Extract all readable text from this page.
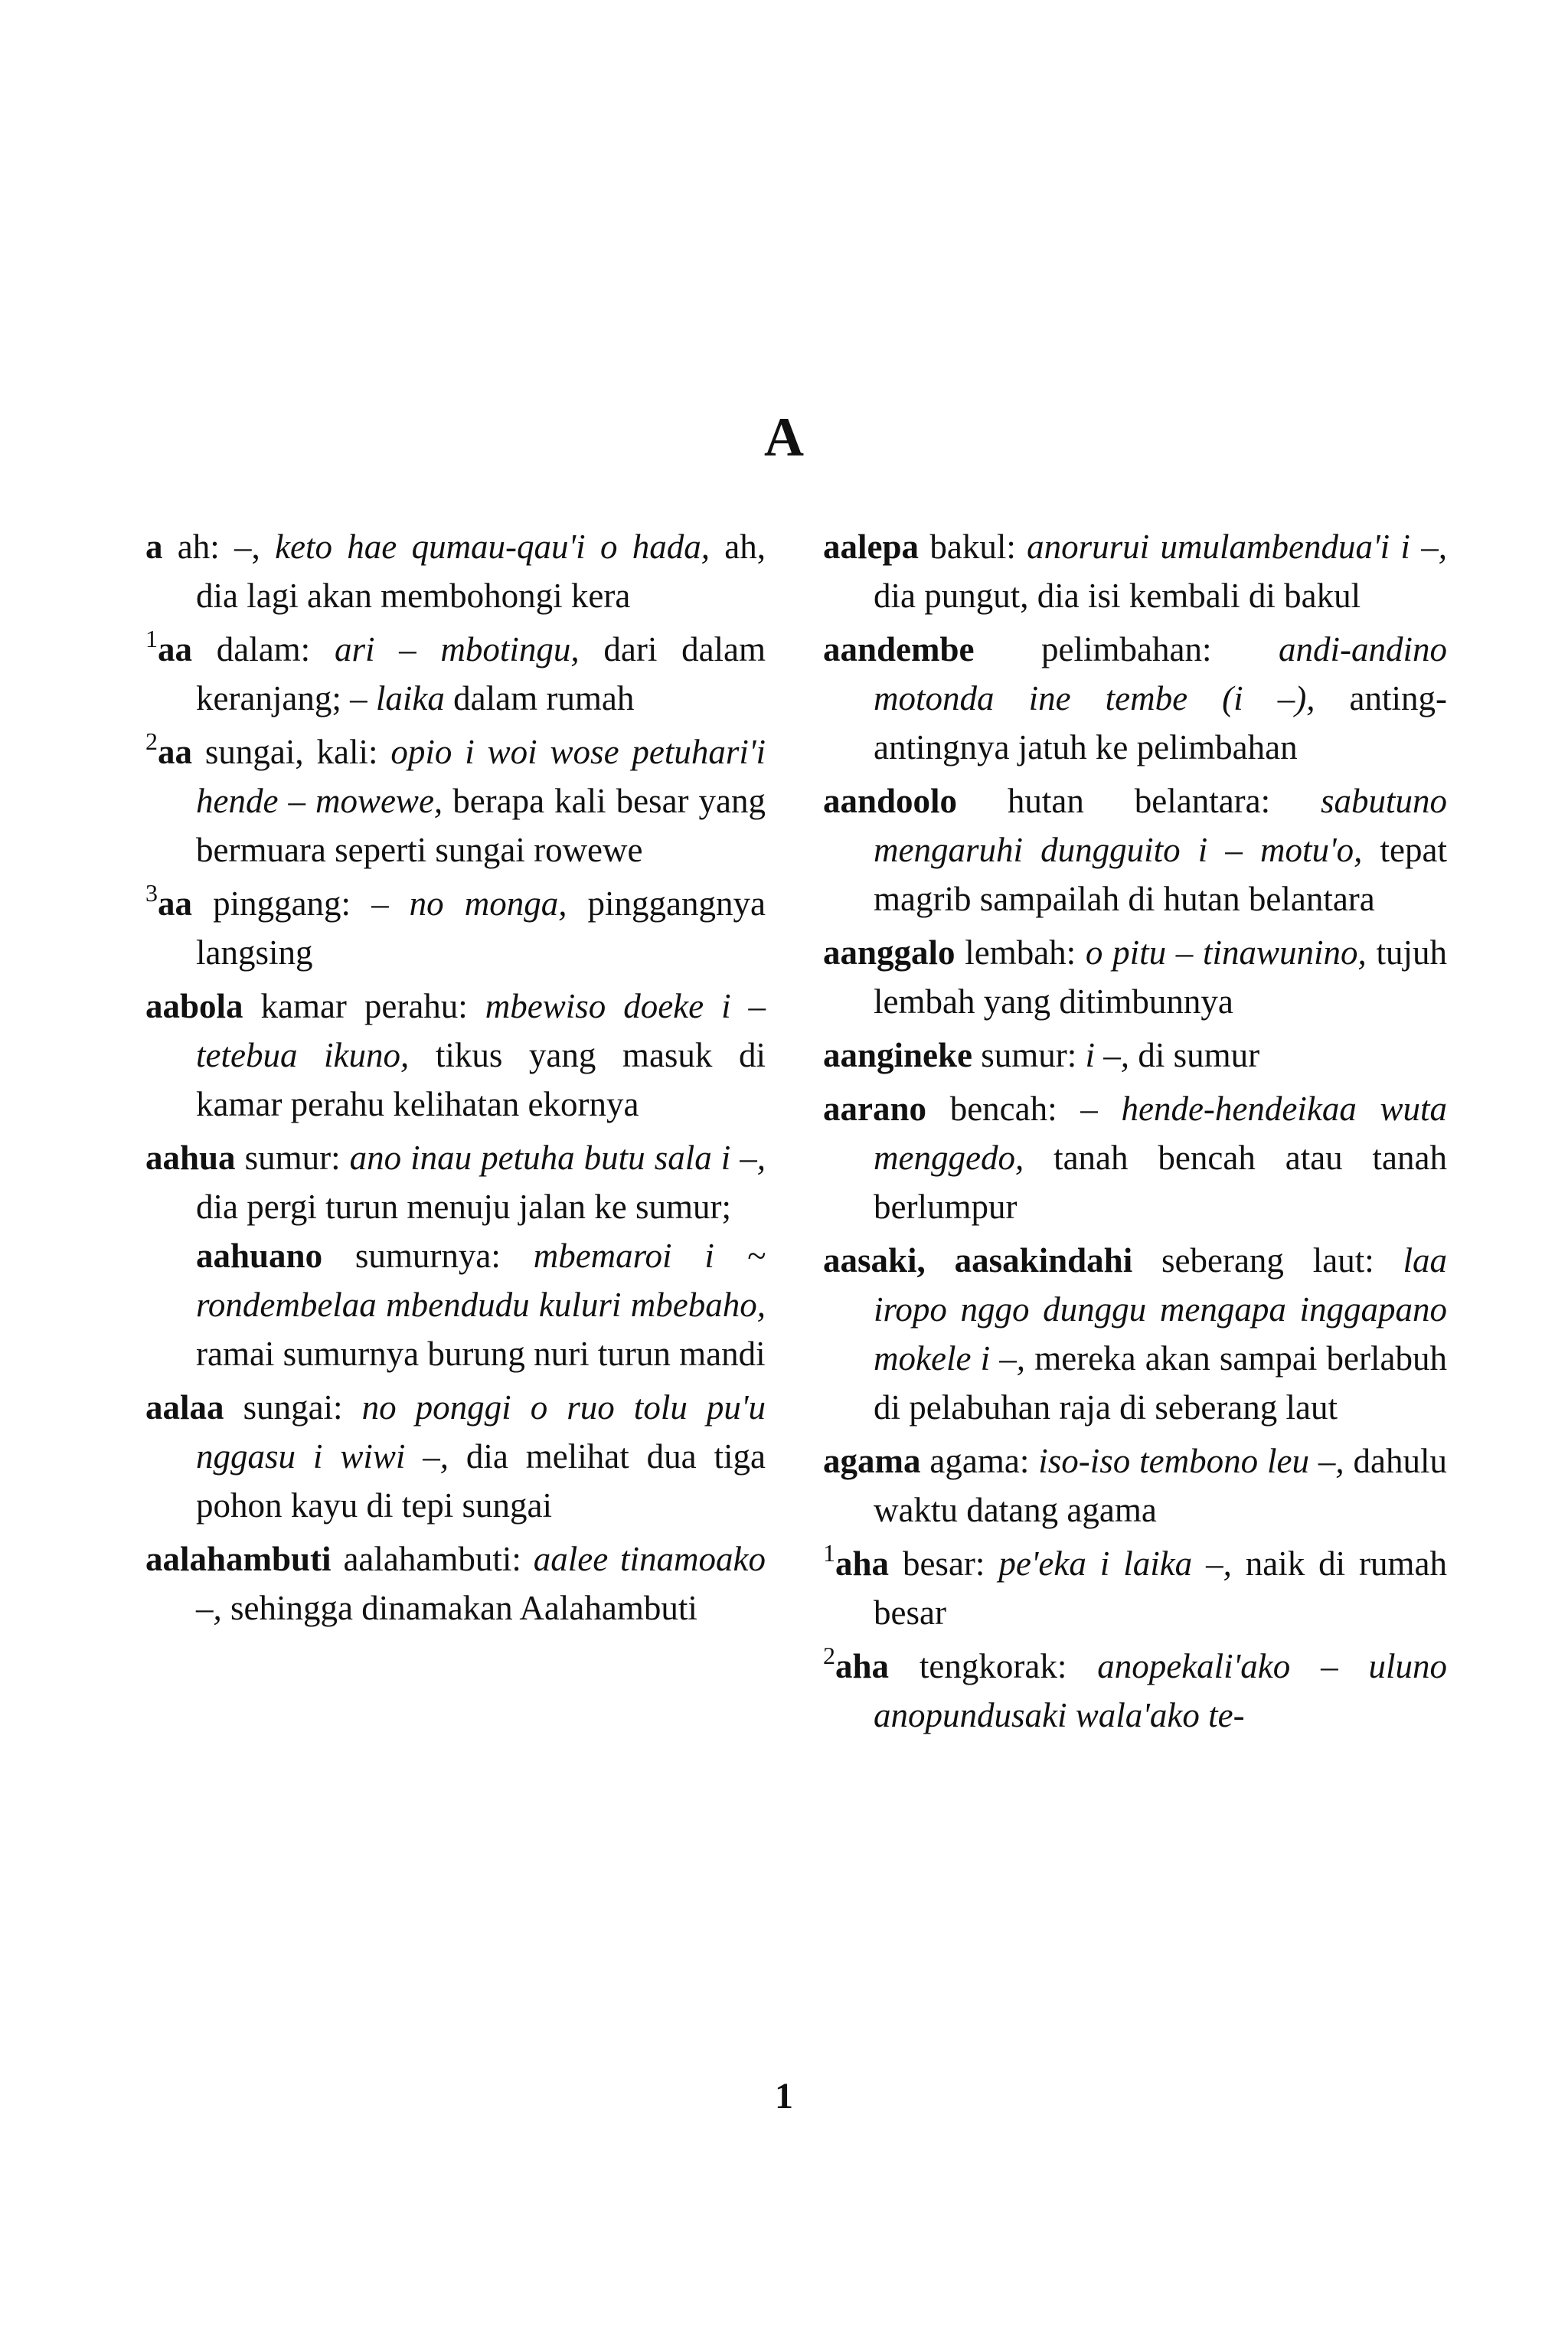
A

a ah: –, keto hae qumau-qau'i o hada, ah, dia lagi akan membohongi kera

$^1$aa dalam: ari – mbotingu, dari dalam keranjang; – laika dalam rumah

$^2$aa sungai, kali: opio i woi wose petuhari'i hende – mowewe, berapa kali besar yang bermuara seperti sungai rowewe

$^3$aa pinggang: – no monga, pinggangnya langsing

aabola kamar perahu: mbewiso doeke i – tetebua ikuno, tikus yang masuk di kamar perahu kelihatan ekornya

aahua sumur: ano inau petuha butu sala i –, dia pergi turun menuju jalan ke sumur;

aahuano sumurnya: mbemaroi i ~ rondembelaa mbendudu kuluri mbebaho, ramai sumurnya burung nuri turun mandi

aalaa sungai: no ponggi o ruo tolu pu'u nggasu i wiwi –, dia melihat dua tiga pohon kayu di tepi sungai

aalahambuti aalahambuti: aalee tinamoako –, sehingga dinamakan Aalahambuti

aalepa bakul: anorurui umulambendua'i i –, dia pungut, dia isi kembali di bakul

aandembe pelimbahan: andi-andino motonda ine tembe (i –), anting-antingnya jatuh ke pelimbahan

aandoolo hutan belantara: sabutuno mengaruhi dungguito i – motu'o, tepat magrib sampailah di hutan belantara

aanggalo lembah: o pitu – tinawunino, tujuh lembah yang ditimbunnya

aangineke sumur: i –, di sumur

aarano bencah: – hende-hendeikaa wuta menggedo, tanah bencah atau tanah berlumpur

aasaki, aasakindahi seberang laut: laa iropo nggo dunggu mengapa inggapano mokele i –, mereka akan sampai berlabuh di pelabuhan raja di seberang laut

agama agama: iso-iso tembono leu –, dahulu waktu datang agama

$^1$aha besar: pe'eka i laika –, naik di rumah besar

$^2$aha tengkorak: anopekali'ako – uluno anopundusaki wala'ako te-

1
